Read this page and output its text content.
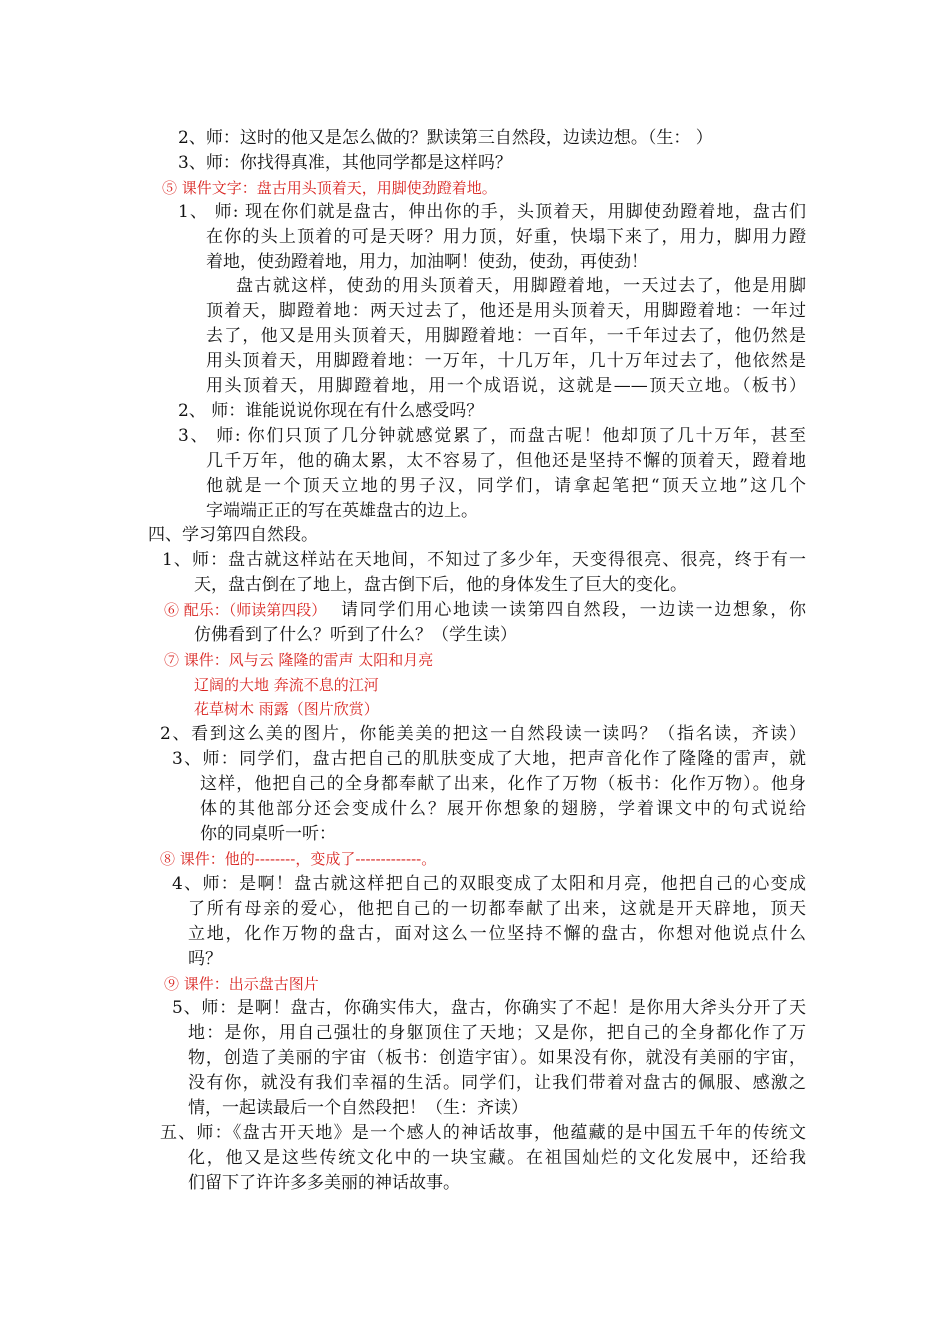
2、师：这时的他又是怎么做的？默读第三自然段，边读边想。（生： ）
3、师：你找得真准，其他同学都是这样吗？
⑤ 课件文字：盘古用头顶着天，用脚使劲蹬着地。
1、 师: 现在你们就是盘古，伸出你的手，头顶着天，用脚使劲蹬着地，盘古们
在你的头上顶着的可是天呀？用力顶，好重，快塌下来了，用力，脚用力蹬
着地，使劲蹬着地，用力，加油啊！使劲，使劲，再使劲！
盘古就这样，使劲的用头顶着天，用脚蹬着地，一天过去了，他是用脚
顶着天，脚蹬着地：两天过去了，他还是用头顶着天，用脚蹬着地：一年过
去了，他又是用头顶着天，用脚蹬着地：一百年，一千年过去了，他仍然是
用头顶着天，用脚蹬着地：一万年，十几万年，几十万年过去了，他依然是
用头顶着天，用脚蹬着地，用一个成语说，这就是——顶天立地。（板书）
2、 师：谁能说说你现在有什么感受吗？
3、 师: 你们只顶了几分钟就感觉累了，而盘古呢！他却顶了几十万年，甚至
几千万年，他的确太累，太不容易了，但他还是坚持不懈的顶着天，蹬着地
他就是一个顶天立地的男子汉，同学们，请拿起笔把“顶天立地”这几个
字端端正正的写在英雄盘古的边上。
四、学习第四自然段。
1、师：盘古就这样站在天地间，不知过了多少年，天变得很亮、很亮，终于有一
天，盘古倒在了地上，盘古倒下后，他的身体发生了巨大的变化。
⑥ 配乐：（师读第四段） 请同学们用心地读一读第四自然段，一边读一边想象，你
仿佛看到了什么？听到了什么？（学生读）
⑦ 课件：风与云 隆隆的雷声 太阳和月亮
辽阔的大地 奔流不息的江河
花草树木 雨露（图片欣赏）
2、看到这么美的图片，你能美美的把这一自然段读一读吗？（指名读，齐读）
3、师：同学们，盘古把自己的肌肤变成了大地，把声音化作了隆隆的雷声，就
这样，他把自己的全身都奉献了出来，化作了万物（板书：化作万物）。他身
体的其他部分还会变成什么？展开你想象的翅膀，学着课文中的句式说给
你的同桌听一听：
⑧ 课件：他的--------，变成了-------------。
4、师：是啊！盘古就这样把自己的双眼变成了太阳和月亮，他把自己的心变成
了所有母亲的爱心，他把自己的一切都奉献了出来，这就是开天辟地，顶天
立地，化作万物的盘古，面对这么一位坚持不懈的盘古，你想对他说点什么
吗？
⑨ 课件：出示盘古图片
5、师：是啊！盘古，你确实伟大，盘古，你确实了不起！是你用大斧头分开了天
地：是你，用自己强壮的身躯顶住了天地；又是你，把自己的全身都化作了万
物，创造了美丽的宇宙（板书：创造宇宙）。如果没有你，就没有美丽的宇宙，
没有你，就没有我们幸福的生活。同学们，让我们带着对盘古的佩服、感激之
情，一起读最后一个自然段把！（生：齐读）
五、师：《盘古开天地》是一个感人的神话故事，他蕴藏的是中国五千年的传统文
化，他又是这些传统文化中的一块宝藏。在祖国灿烂的文化发展中，还给我
们留下了许许多多美丽的神话故事。
